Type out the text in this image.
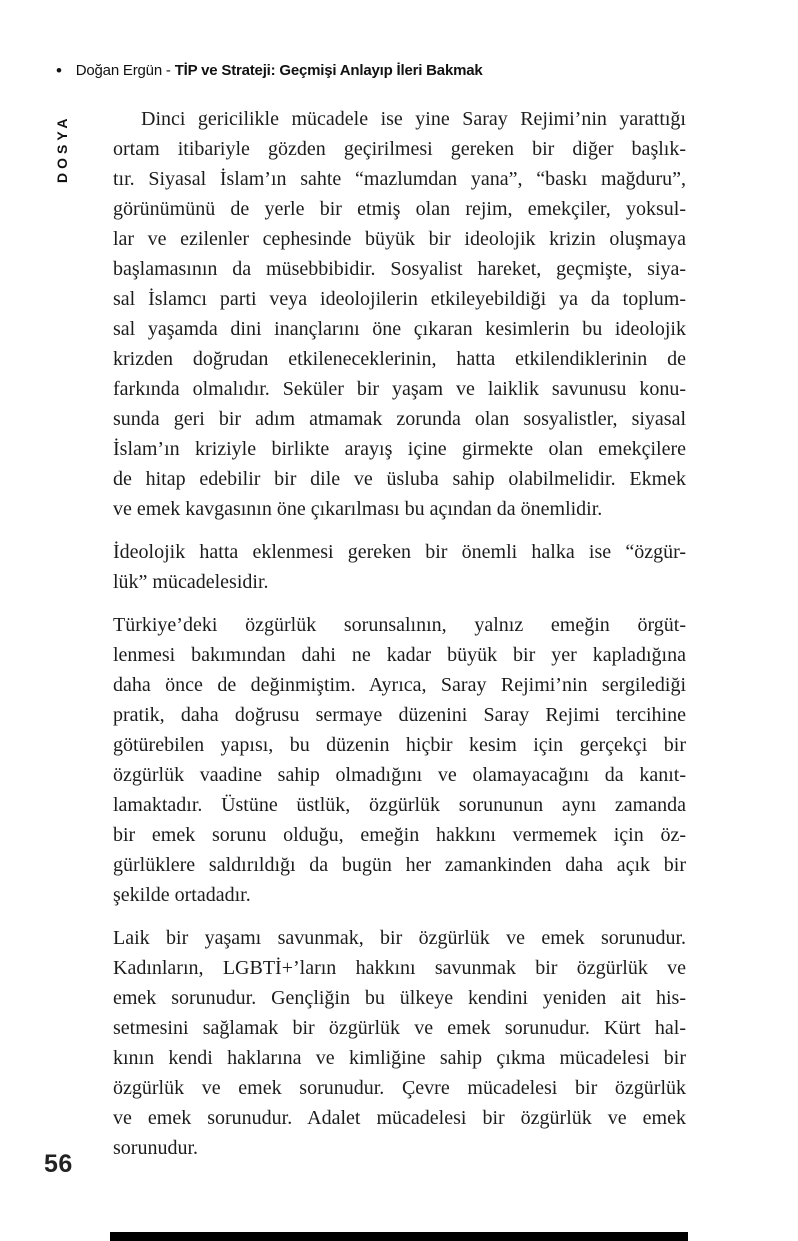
• Doğan Ergün - TİP ve Strateji: Geçmişi Anlayıp İleri Bakmak
DOSYA	Dinci gericilikle mücadele ise yine Saray Rejimi’nin yarattığı
ortam itibariyle gözden geçirilmesi gereken bir diğer başlık-
tır. Siyasal İslam’ın sahte “mazlumdan yana”, “baskı mağduru”,
görünümünü de yerle bir etmiş olan rejim, emekçiler, yoksul-
lar ve ezilenler cephesinde büyük bir ideolojik krizin oluşmaya
başlamasının da müsebbibidir. Sosyalist hareket, geçmişte, siya-
sal İslamcı parti veya ideolojilerin etkileyebildiği ya da toplum-
sal yaşamda dini inançlarını öne çıkaran kesimlerin bu ideolojik
krizden doğrudan etkileneceklerinin, hatta etkilendiklerinin de
farkında olmalıdır. Seküler bir yaşam ve laiklik savunusu konu-
sunda geri bir adım atmamak zorunda olan sosyalistler, siyasal
İslam’ın kriziyle birlikte arayış içine girmekte olan emekçilere
de hitap edebilir bir dile ve üsluba sahip olabilmelidir. Ekmek
ve emek kavgasının öne çıkarılması bu açından da önemlidir.

İdeolojik hatta eklenmesi gereken bir önemli halka ise “özgür-
lük” mücadelesidir.

Türkiye’deki özgürlük sorunsalının, yalnız emeğin örgüt-
lenmesi bakımından dahi ne kadar büyük bir yer kapladığına
daha önce de değinmiştim. Ayrıca, Saray Rejimi’nin sergilediği
pratik, daha doğrusu sermaye düzenini Saray Rejimi tercihine
götürebilen yapısı, bu düzenin hiçbir kesim için gerçekçi bir
özgürlük vaadine sahip olmadığını ve olamayacağını da kanıt-
lamaktadır. Üstüne üstlük, özgürlük sorununun aynı zamanda
bir emek sorunu olduğu, emeğin hakkını vermemek için öz-
gürlüklere saldırıldığı da bugün her zamankinden daha açık bir
şekilde ortadadır.

Laik bir yaşamı savunmak, bir özgürlük ve emek sorunudur.
Kadınların, LGBTİ+’ların hakkını savunmak bir özgürlük ve
emek sorunudur. Gençliğin bu ülkeye kendini yeniden ait his-
setmesini sağlamak bir özgürlük ve emek sorunudur. Kürt hal-
kının kendi haklarına ve kimliğine sahip çıkma mücadelesi bir
özgürlük ve emek sorunudur. Çevre mücadelesi bir özgürlük
ve emek sorunudur. Adalet mücadelesi bir özgürlük ve emek
sorunudur.

56
